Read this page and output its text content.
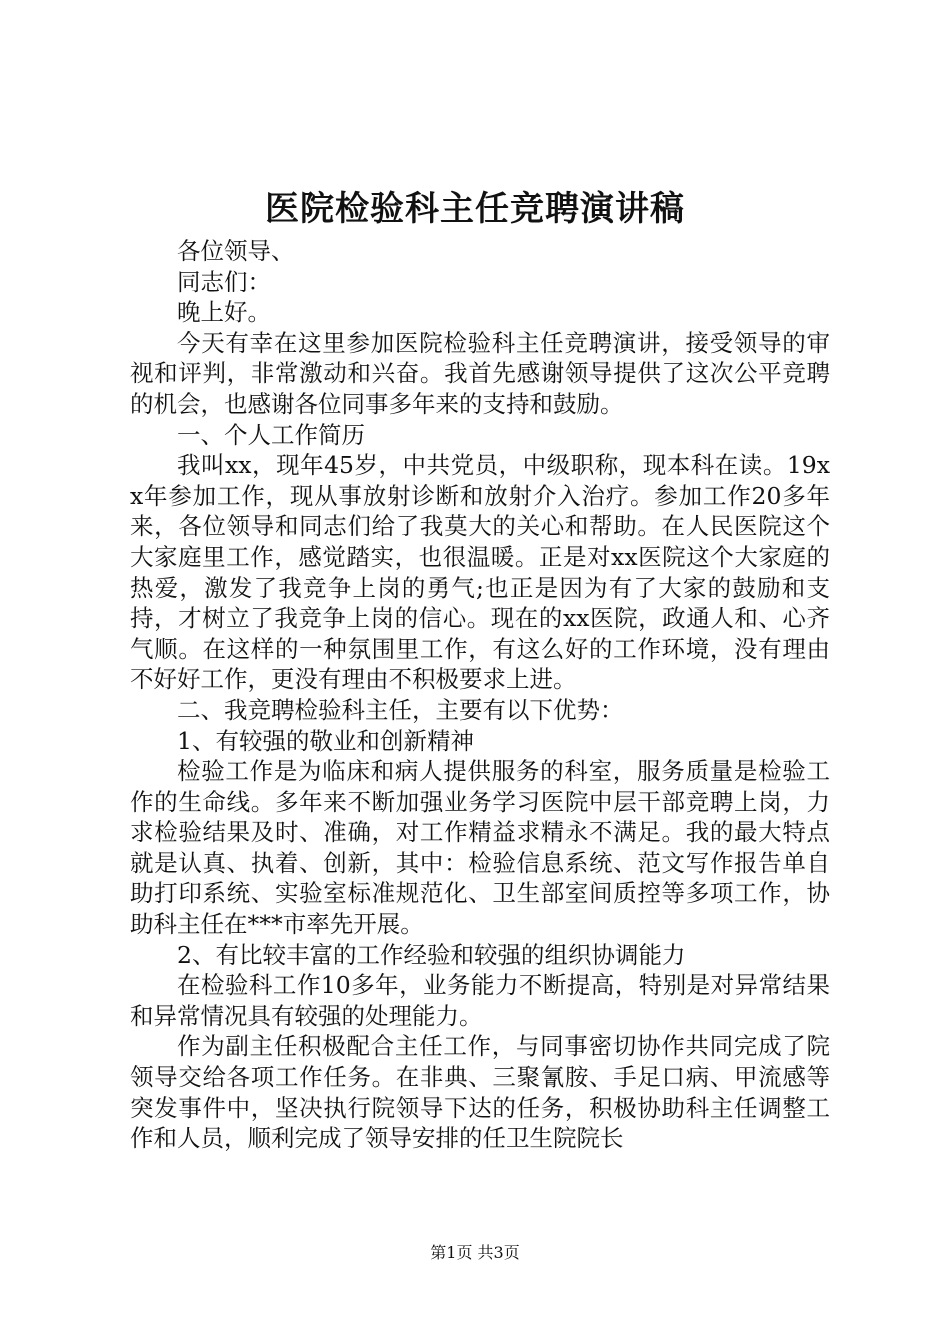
医院检验科主任竞聘演讲稿

各位领导、

同志们：

晚上好。

今天有幸在这里参加医院检验科主任竞聘演讲，接受领导的审视和评判，非常激动和兴奋。我首先感谢领导提供了这次公平竞聘的机会，也感谢各位同事多年来的支持和鼓励。

一、个人工作简历

我叫xx，现年45岁，中共党员，中级职称，现本科在读。19xx年参加工作，现从事放射诊断和放射介入治疗。参加工作20多年来，各位领导和同志们给了我莫大的关心和帮助。在人民医院这个大家庭里工作，感觉踏实，也很温暖。正是对xx医院这个大家庭的热爱，激发了我竞争上岗的勇气;也正是因为有了大家的鼓励和支持，才树立了我竞争上岗的信心。现在的xx医院，政通人和、心齐气顺。在这样的一种氛围里工作，有这么好的工作环境，没有理由不好好工作，更没有理由不积极要求上进。

二、我竞聘检验科主任，主要有以下优势：

1、有较强的敬业和创新精神

检验工作是为临床和病人提供服务的科室，服务质量是检验工作的生命线。多年来不断加强业务学习医院中层干部竞聘上岗，力求检验结果及时、准确，对工作精益求精永不满足。我的最大特点就是认真、执着、创新，其中：检验信息系统、范文写作报告单自助打印系统、实验室标准规范化、卫生部室间质控等多项工作，协助科主任在***市率先开展。

2、有比较丰富的工作经验和较强的组织协调能力

在检验科工作10多年，业务能力不断提高，特别是对异常结果和异常情况具有较强的处理能力。

作为副主任积极配合主任工作，与同事密切协作共同完成了院领导交给各项工作任务。在非典、三聚氰胺、手足口病、甲流感等突发事件中，坚决执行院领导下达的任务，积极协助科主任调整工作和人员，顺利完成了领导安排的任卫生院院长

第1页 共3页
